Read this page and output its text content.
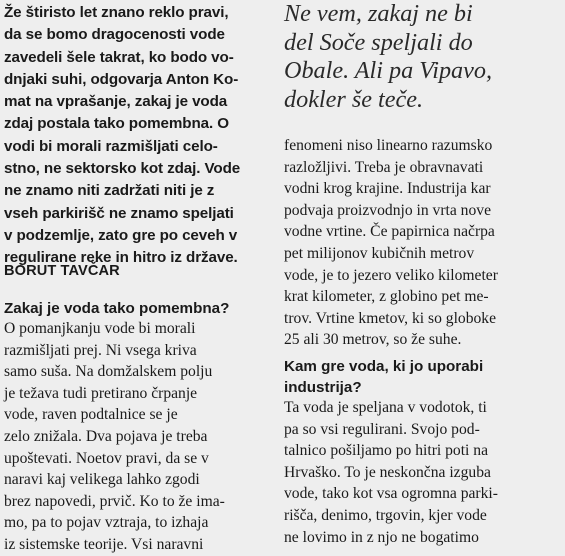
Že štiristo let znano reklo pravi,
da se bomo dragocenosti vode
zavedeli šele takrat, ko bodo vo-
dnjaki suhi, odgovarja Anton Ko-
mat na vprašanje, zakaj je voda
zdaj postala tako pomembna. O
vodi bi morali razmišljati celo-
stno, ne sektorsko kot zdaj. Vode
ne znamo niti zadržati niti je z
vseh parkirišč ne znamo speljati
v podzemlje, zato gre po ceveh v
regulirane reke in hitro iz države.
BORUT TAVČAR
Zakaj je voda tako pomembna?
O pomanjkanju vode bi morali
razmišljati prej. Ni vsega kriva
samo suša. Na domžalskem polju
je težava tudi pretirano črpanje
vode, raven podtalnice se je
zelo znižala. Dva pojava je treba
upoštevati. Noetov pravi, da se v
naravi kaj velikega lahko zgodi
brez napovedi, prvič. Ko to že ima-
mo, pa to pojav vztraja, to izhaja
iz sistemske teorije. Vsi naravni
Ne vem, zakaj ne bi
del Soče speljali do
Obale. Ali pa Vipavo,
dokler še teče.
fenomeni niso linearno razumsko
razložljivi. Treba je obravnavati
vodni krog krajine. Industrija kar
podvaja proizvodnjo in vrta nove
vodne vrtine. Če papirnica načrpa
pet milijonov kubičnih metrov
vode, je to jezero veliko kilometer
krat kilometer, z globino pet me-
trov. Vrtine kmetov, ki so globoke
25 ali 30 metrov, so že suhe.
Kam gre voda, ki jo uporabi
industrija?
Ta voda je speljana v vodotok, ti
pa so vsi regulirani. Svojo pod-
talnico pošiljamo po hitri poti na
Hrvaško. To je neskončna izguba
vode, tako kot vsa ogromna parki-
rišča, denimo, trgovin, kjer vode
ne lovimo in z njo ne bogatimo
